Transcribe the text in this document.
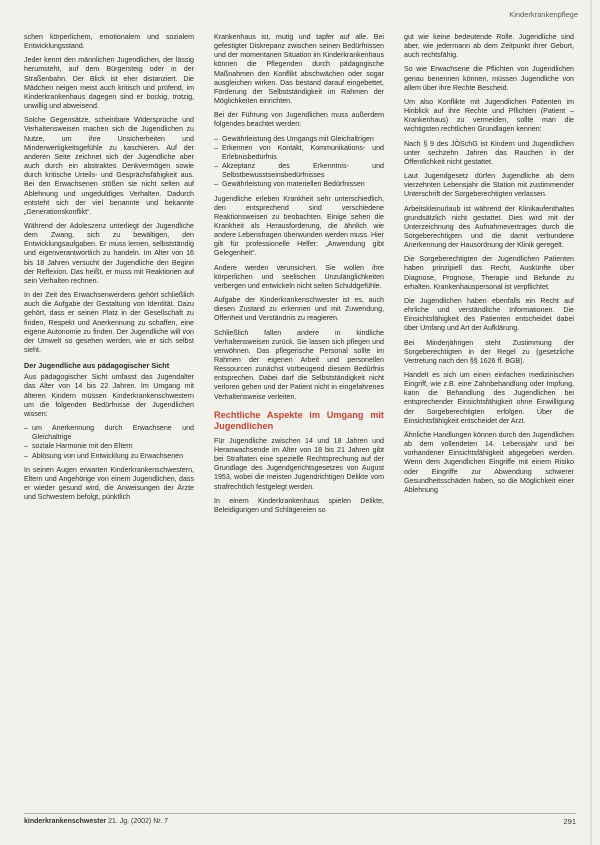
Kinderkrankenpflege

schen körperlichem, emotionalem und sozialem Entwicklungsstand.

Jeder kennt den männlichen Jugendlichen, der lässig herumsteht, auf dem Bürgersteig oder in der Straßenbahn. Der Blick ist eher distanziert. Die Mädchen neigen meist auch kritisch und prüfend, im Kinderkrankenhaus dagegen sind er bockig, trotzig, unwillig und abweisend.

Solche Gegensätze, scheinbare Widersprüche und Verhaltensweisen machen sich die Jugendlichen zu Nutze, um ihre Unsicherheiten und Minderwertigkeitsgefühle zu kaschieren. Auf der anderen Seite zeichnet sich der Jugendliche aber auch durch ein abstraktes Denkvermögen sowie durch kritische Urteils- und Gesprächsfähigkeit aus. Bei den Erwachsenen stößen sie nicht selten auf Ablehnung und ungeduldiges Verhalten. Dadurch entsteht sich der viel benannte und bekannte „Generationskonflikt“.

Während der Adoleszenz unterliegt der Jugendliche dem Zwang, sich zu bewältigen, den Entwicklungsaufgaben. Er muss lernen, selbstständig und eigenverantwortlich zu handeln. Im Alter von 16 bis 18 Jahren versucht der Jugendliche den Beginn der Reflexion. Das heißt, er muss mit Reaktionen auf sein Verhalten rechnen.

In der Zeit des Erwachsenwerdens gehört schließlich auch die Aufgabe der Gestaltung von Identität. Dazu gehört, dass er seinen Platz in der Gesellschaft zu finden, Respekt und Anerkennung zu schaffen, eine eigene Autonomie zu finden. Der Jugendliche will von der Umwelt so gesehen werden, wie er sich selbst sieht.

Der Jugendliche aus pädagogischer Sicht

Aus pädagogischer Sicht umfasst das Jugendalter das Alter von 14 bis 22 Jahren. Im Umgang mit älteren Kindern müssen Kinderkrankenschwestern um die folgenden Bedürfnisse der Jugendlichen wissen:

– um Anerkennung durch Erwachsene und Gleichaltrige
– soziale Harmonie mit den Eltern
– Ablösung von und Entwicklung zu Erwachsenen

In seinen Augen erwarten Kinderkrankenschwestern, Eltern und Angehörige von einem Jugendlichen, dass er wieder gesund wird, die Anweisungen der Ärzte und Schwestern befolgt, pünktlich

Krankenhaus ist, mutig und tapfer auf alle. Bei gefestigter Diskrepanz zwischen seinen Bedürfnissen und der momentanen Situation im Kinderkrankenhaus können die Pflegenden durch pädagogische Maßnahmen den Konflikt abschwächen oder sogar ausgleichen wirken. Das bestand darauf eingebettet, Förderung der Selbstständigkeit im Rahmen der Möglichkeiten einrichten.

Bei der Führung von Jugendlichen muss außerdem folgendes beachtet werden:

– Gewährleistung des Umgangs mit Gleichaltrigen
– Erkennen von Kontakt, Kommunikations- und Erlebnisbedürfnis
– Akzeptanz des Erkenntnis- und Selbstbewusstseinsbedürfnisses
– Gewährleistung von materiellen Bedürfnissen

Jugendliche erleben Krankheit sehr unterschiedlich, den entsprechend sind verschiedene Reaktionsweisen zu beobachten. Einige sehen die Krankheit als Herausforderung, die ähnlich wie andere Lebensfragen überwunden werden muss. Hier gilt für professionelle Helfer: „Anwendung gibt Gelegenheit“.

Andere werden verunsichert. Sie wollen ihre körperlichen und seelischen Unzulänglichkeiten verbergen und entwickeln nicht selten Schuldgefühle.

Aufgabe der Kinderkrankenschwester ist es, auch diesen Zustand zu erkennen und mit Zuwendung, Offenheit und Verständnis zu reagieren.

Schließlich fallen andere in kindliche Verhaltensweisen zurück. Sie lassen sich pflegen und verwöhnen. Das pflegerische Personal sollte im Rahmen der eigenen Arbeit und personellen Ressourcen zunächst vorbeugend diesem Bedürfnis entsprechen. Dabei darf die Selbstständigkeit nicht verloren gehen und der Patient nicht in eingefahrenes Verhaltensweise verleiten.

Rechtliche Aspekte im Umgang mit Jugendlichen

Für Jugendliche zwischen 14 und 18 Jahren und Heranwachsende im Alter von 18 bis 21 Jahren gibt bei Straftaten eine spezielle Rechtsprechung auf der Grundlage des Jugendgerichtsgesetzes von August 1953, wobei die meisten Jugendrichtigen Delikte vom strafrechtlich festgelegt werden.

In einem Kinderkrankenhaus spielen Delikte, Beleidigungen und Schlägereien so

gut wie keine bedeutende Rolle. Jugendliche sind aber, wie jedermann ab dem Zeitpunkt ihrer Geburt, auch rechtsfähig.

So wie Erwachsene die Pflichten von Jugendlichen genau benennen können, müssen Jugendliche von allem über ihre Rechte Bescheid.

Um also Konflikte mit Jugendlichen Patienten im Hinblick auf ihre Rechte und Pflichten (Patient – Krankenhaus) zu vermeiden, sollte man die wichtigsten rechtlichen Grundlagen kennen:

Nach § 9 des JÖSchG ist Kindern und Jugendlichen unter sechzehn Jahren das Rauchen in der Öffentlichkeit nicht gestattet.

Laut Jugendgesetz dürfen Jugendliche ab dem vierzehnten Lebensjahr die Station mit zustimmender Unterschrift der Sorgeberechtigten verlassen.

Arbeitskleinurlaub ist während der Klinikaufenthaltes grundsätzlich nicht gestattet. Dies wird mit der Unterzeichnung des Aufnahmevertrages durch die Sorgeberechtigten und die damit verbundene Anerkennung der Hausordnung der Klinik geregelt.

Die Sorgeberechtigten der Jugendlichen Patienten haben prinzipiell das Recht, Auskünfte über Diagnose, Prognose, Therapie und Befunde zu erhalten. Krankenhauspersonal ist verpflichtet.

Die Jugendlichen haben ebenfalls ein Recht auf ehrliche und verständliche Informationen. Die Einsichtsfähigkeit des Patienten entscheidet dabei über Umfang und Art der Aufklärung.

Bei Minderjährigen steht Zustimmung der Sorgeberechtigten in der Regel zu (gesetzliche Vertretung nach den §§ 1626 ff. BGB).

Handelt es sich um einen einfachen medizinischen Eingriff, wie z.B. eine Zahnbehandlung oder Impfung, kann die Behandlung des Jugendlichen bei entsprechender Einsichtsfähigkeit ohne Einwilligung der Sorgeberechtigten erfolgen. Über die Einsichtsfähigkeit entscheidet der Arzt.

Ähnliche Handlungen können durch den Jugendlichen ab dem vollendeten 14. Lebensjahr und bei vorhandener Einsichtsfähigkeit abgegeben werden. Wenn dem Jugendlichen Eingriffe mit einem Risiko oder Eingriffe zur Abwendung schwerer Gesundheitsschäden haben, so die Möglichkeit einer Ablehnung

kinderkrankenschwester 21. Jg. (2002) Nr. 7	291
